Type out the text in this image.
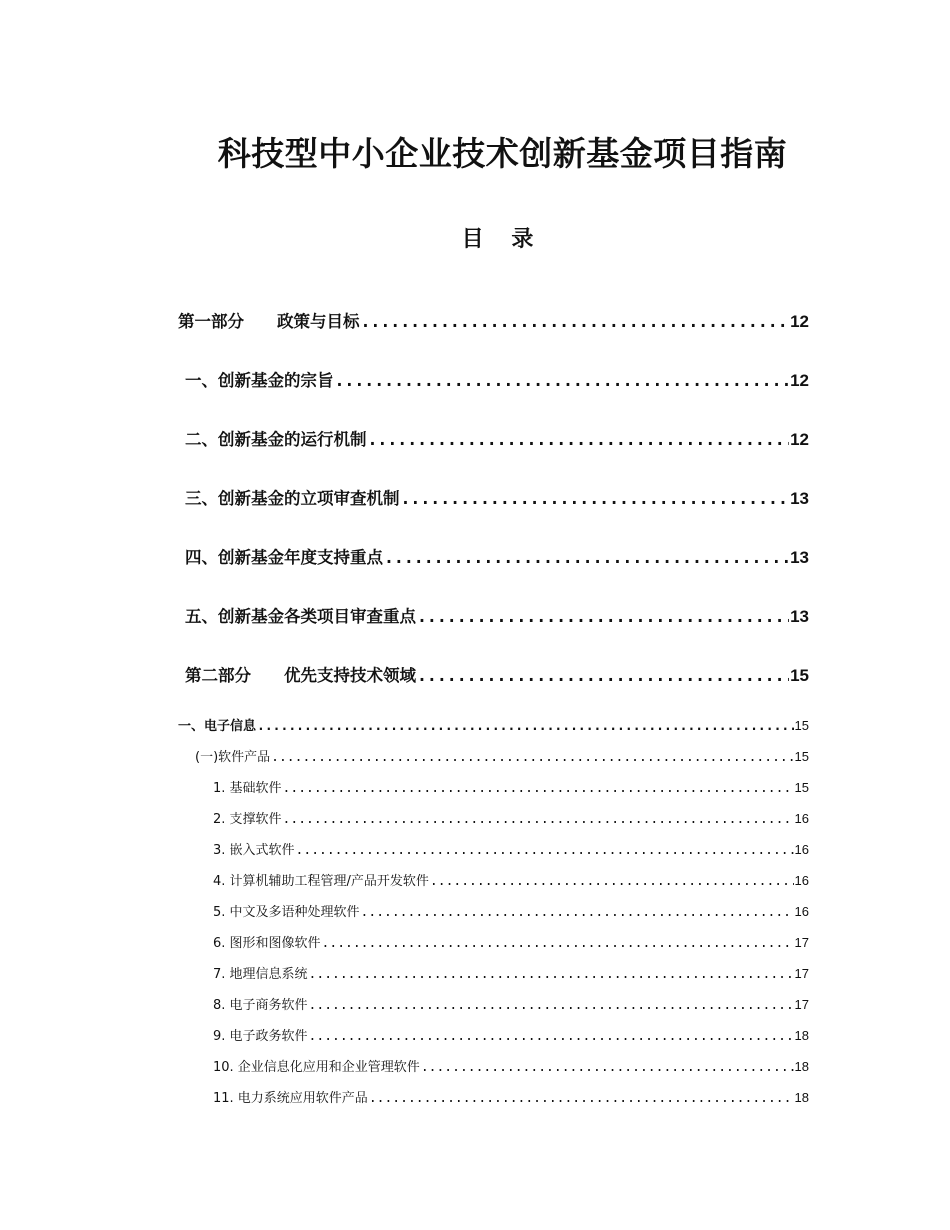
科技型中小企业技术创新基金项目指南
目 录
第一部分　　政策与目标 .....	12
一、创新基金的宗旨 .....	12
二、创新基金的运行机制 .....	12
三、创新基金的立项审查机制 .....	13
四、创新基金年度支持重点 .....	13
五、创新基金各类项目审查重点 .....	13
第二部分　　优先支持技术领域 .....	15
一、电子信息 .....	15
(一)软件产品 .....	15
1. 基础软件 .....	15
2. 支撑软件 .....	16
3. 嵌入式软件 .....	16
4. 计算机辅助工程管理/产品开发软件 .....	16
5. 中文及多语种处理软件 .....	16
6. 图形和图像软件 .....	17
7. 地理信息系统 .....	17
8. 电子商务软件 .....	17
9. 电子政务软件 .....	18
10. 企业信息化应用和企业管理软件 .....	18
11. 电力系统应用软件产品 .....	18
